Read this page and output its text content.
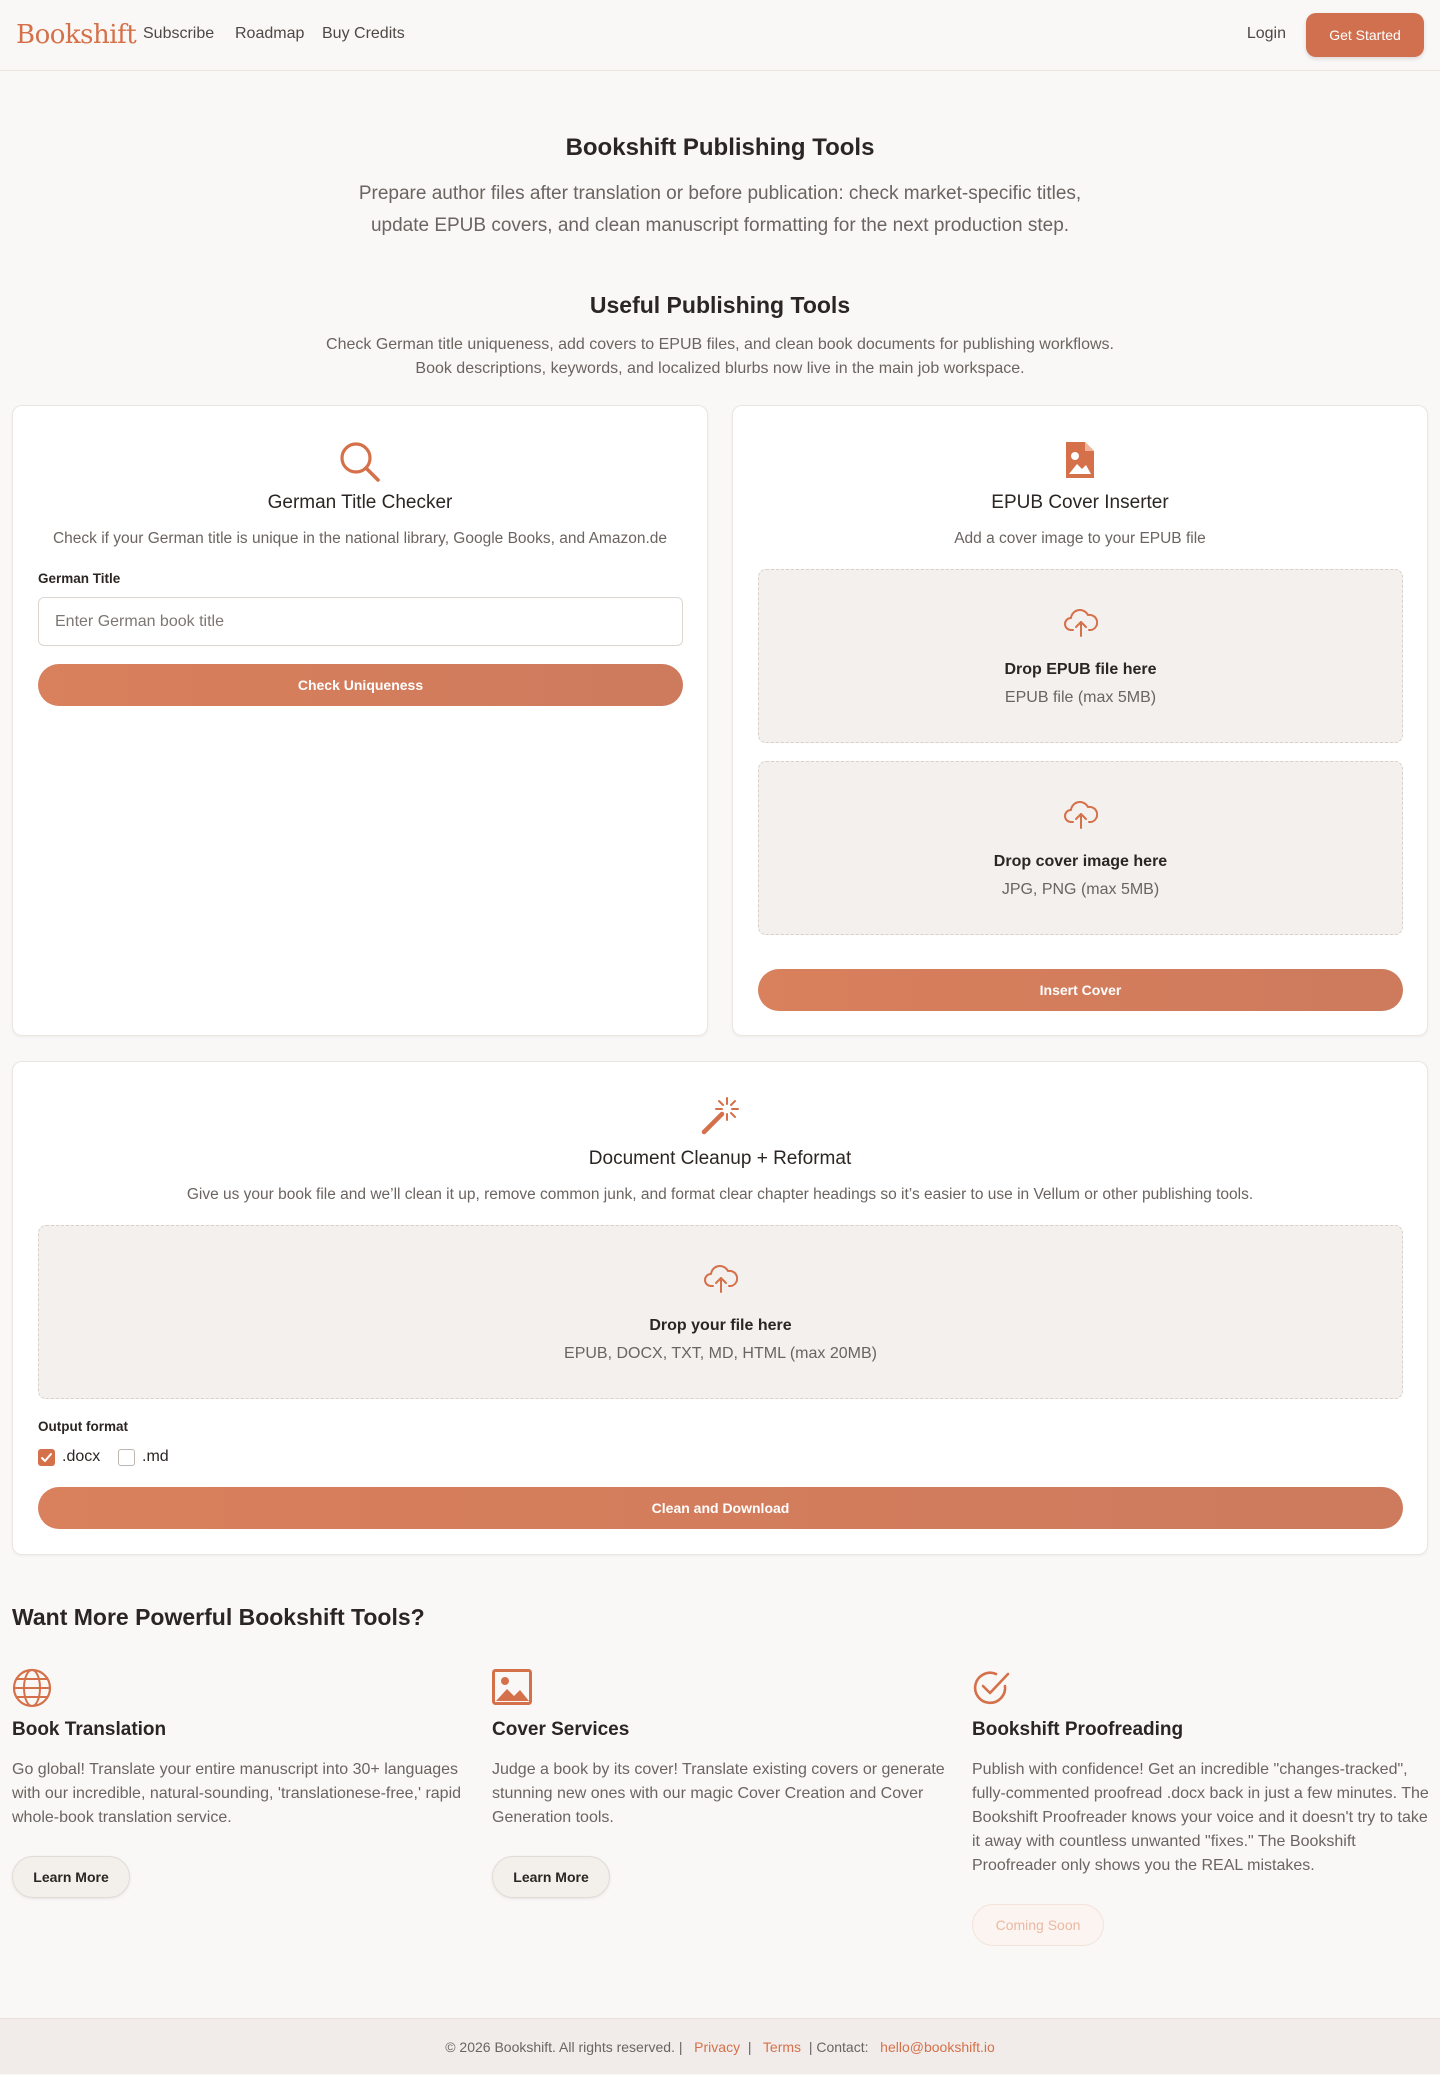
Bookshift Subscribe Roadmap Buy Credits	Login	Get Started
Bookshift Publishing Tools
Prepare author files after translation or before publication: check market-specific titles, update EPUB covers, and clean manuscript formatting for the next production step.
Useful Publishing Tools
Check German title uniqueness, add covers to EPUB files, and clean book documents for publishing workflows.
Book descriptions, keywords, and localized blurbs now live in the main job workspace.
German Title Checker
Check if your German title is unique in the national library, Google Books, and Amazon.de
German Title
Enter German book title
Check Uniqueness
EPUB Cover Inserter
Add a cover image to your EPUB file
Drop EPUB file here
EPUB file (max 5MB)
Drop cover image here
JPG, PNG (max 5MB)
Insert Cover
Document Cleanup + Reformat
Give us your book file and we’ll clean it up, remove common junk, and format clear chapter headings so it’s easier to use in Vellum or other publishing tools.
Drop your file here
EPUB, DOCX, TXT, MD, HTML (max 20MB)
Output format
.docx	.md
Clean and Download
Want More Powerful Bookshift Tools?
Book Translation
Go global! Translate your entire manuscript into 30+ languages with our incredible, natural-sounding, 'translationese-free,' rapid whole-book translation service.
Learn More
Cover Services
Judge a book by its cover! Translate existing covers or generate stunning new ones with our magic Cover Creation and Cover Generation tools.
Learn More
Bookshift Proofreading
Publish with confidence! Get an incredible "changes-tracked", fully-commented proofread .docx back in just a few minutes. The Bookshift Proofreader knows your voice and it doesn't try to take it away with countless unwanted "fixes." The Bookshift Proofreader only shows you the REAL mistakes.
Coming Soon
© 2026 Bookshift. All rights reserved. |   Privacy  |   Terms  | Contact: hello@bookshift.io
